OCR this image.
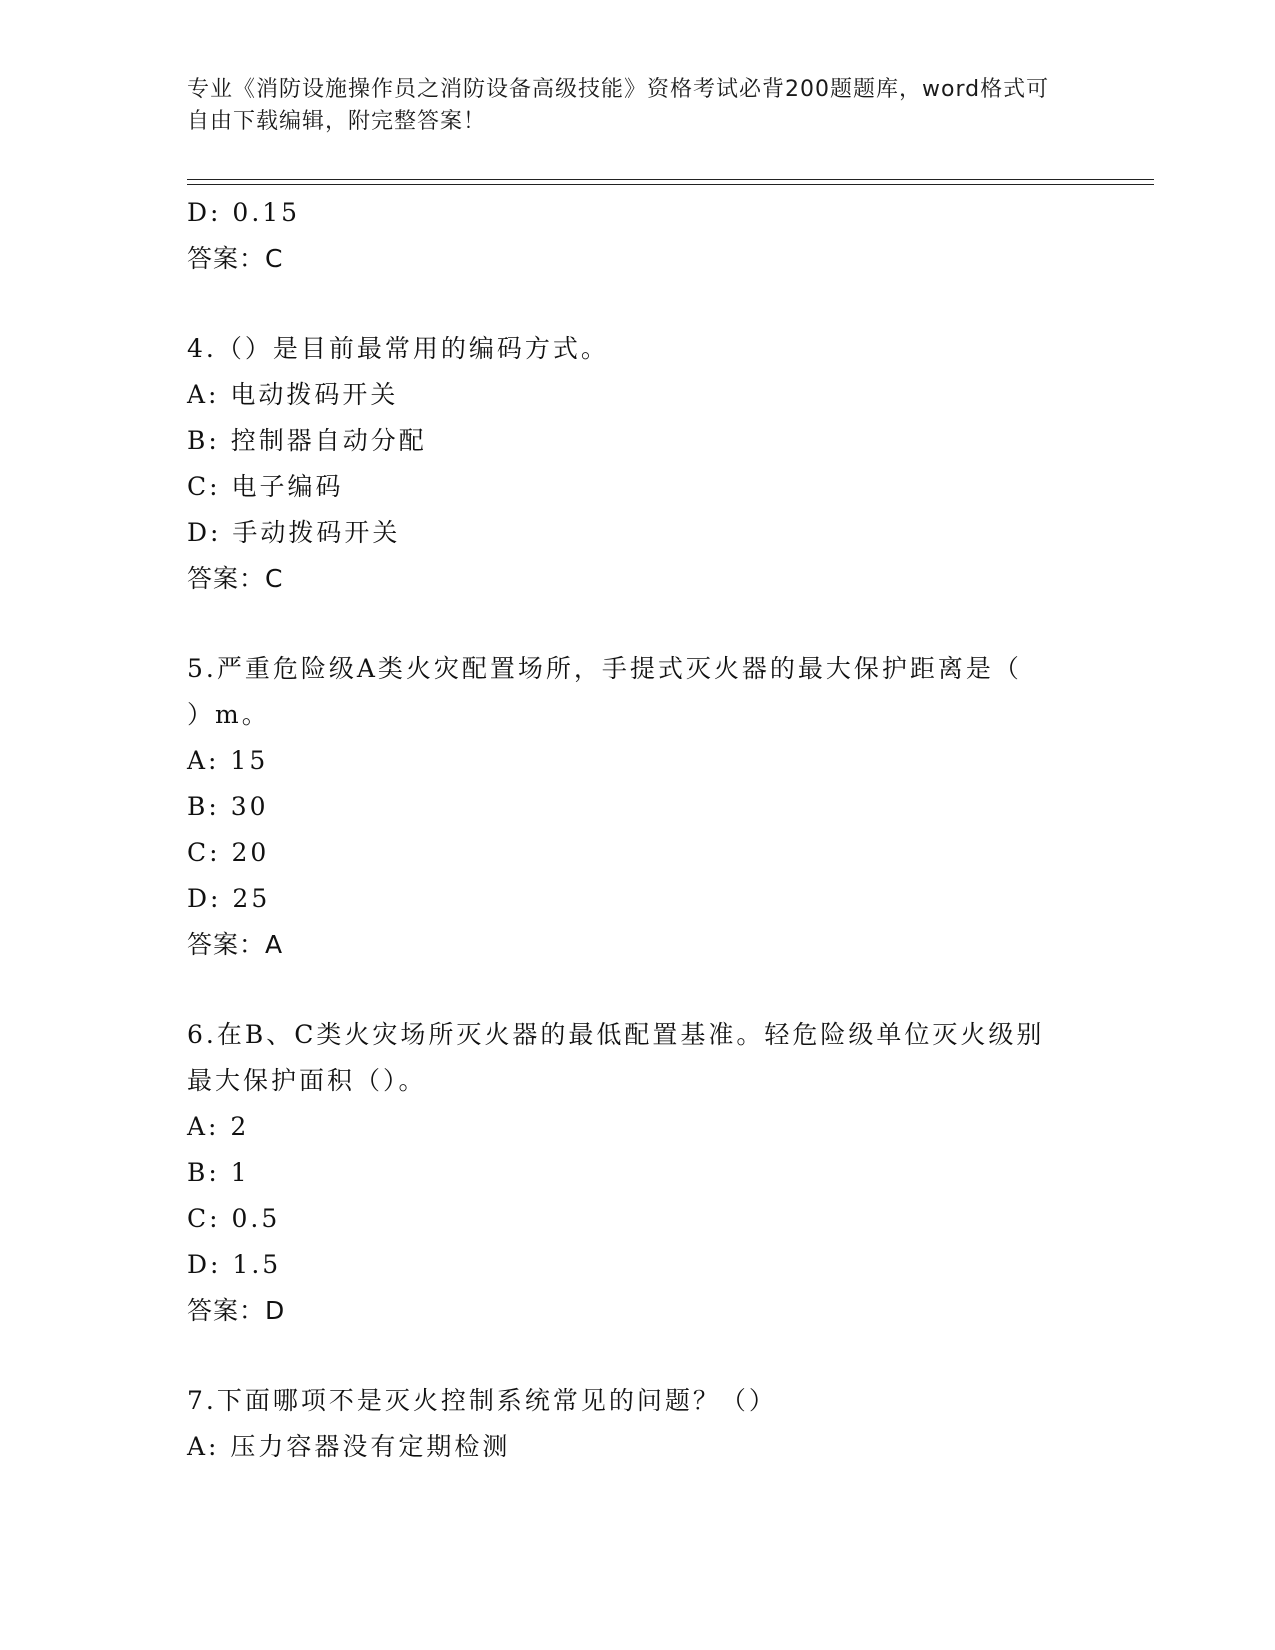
专业《消防设施操作员之消防设备高级技能》资格考试必背200题题库，word格式可自由下载编辑，附完整答案！
D: 0.15
答案：C
4.（）是目前最常用的编码方式。
A: 电动拨码开关
B: 控制器自动分配
C: 电子编码
D: 手动拨码开关
答案：C
5.严重危险级A类火灾配置场所，手提式灭火器的最大保护距离是（ ）m。
A: 15
B: 30
C: 20
D: 25
答案：A
6.在B、C类火灾场所灭火器的最低配置基准。轻危险级单位灭火级别最大保护面积（）。
A: 2
B: 1
C: 0.5
D: 1.5
答案：D
7.下面哪项不是灭火控制系统常见的问题？（）
A: 压力容器没有定期检测
